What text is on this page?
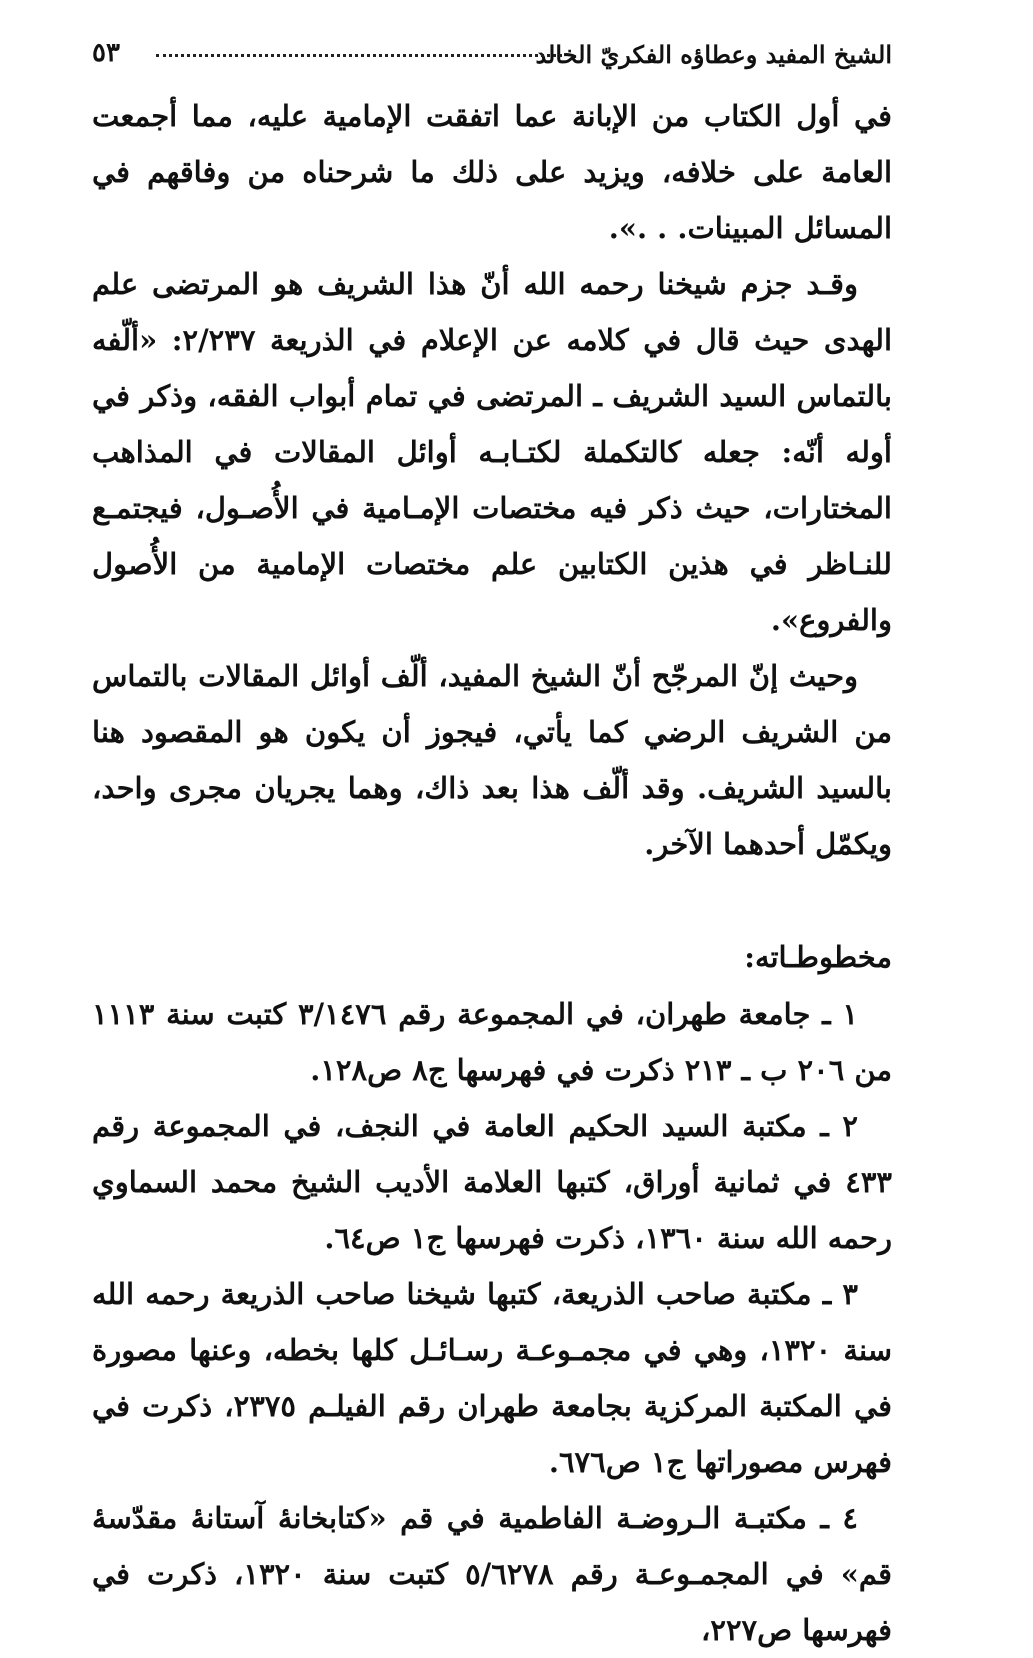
الشيخ المفيد وعطاؤه الفكريّ الخالد
٥٣

في أول الكتاب من الإبانة عما اتفقت الإمامية عليه، مما أجمعت العامة على خلافه، ويزيد على ذلك ما شرحناه من وفاقهم في المسائل المبينات. . .».

وقـد جزم شيخنا رحمه الله أنّ هذا الشريف هو المرتضى علم الهدى حيث قال في كلامه عن الإعلام في الذريعة ٢/٢٣٧: «ألّفه بالتماس السيد الشريف ـ المرتضى في تمام أبواب الفقه، وذكر في أوله أنّه: جعله كالتكملة لكتـابـه أوائل المقالات في المذاهب المختارات، حيث ذكر فيه مختصات الإمـامية في الأُصـول، فيجتمـع للنـاظر في هذين الكتابين علم مختصات الإمامية من الأُصول والفروع».

وحيث إنّ المرجّح أنّ الشيخ المفيد، ألّف أوائل المقالات بالتماس من الشريف الرضي كما يأتي، فيجوز أن يكون هو المقصود هنا بالسيد الشريف. وقد ألّف هذا بعد ذاك، وهما يجريان مجرى واحد، ويكمّل أحدهما الآخر.

مخطوطـاته:

١ ـ جامعة طهران، في المجموعة رقم ٣/١٤٧٦ كتبت سنة ١١١٣ من ٢٠٦ ب ـ ٢١٣ ذكرت في فهرسها ج٨ ص١٢٨.

٢ ـ مكتبة السيد الحكيم العامة في النجف، في المجموعة رقم ٤٣٣ في ثمانية أوراق، كتبها العلامة الأديب الشيخ محمد السماوي رحمه الله سنة ١٣٦٠، ذكرت فهرسها ج١ ص٦٤.

٣ ـ مكتبة صاحب الذريعة، كتبها شيخنا صاحب الذريعة رحمه الله سنة ١٣٢٠، وهي في مجمـوعـة رسـائـل كلها بخطه، وعنها مصورة في المكتبة المركزية بجامعة طهران رقم الفيلـم ٢٣٧٥، ذكرت في فهرس مصوراتها ج١ ص٦٧٦.

٤ ـ مكتبـة الـروضـة الفاطمية في قم «كتابخانهٔ آستانهٔ مقدّسهٔ قم» في المجمـوعـة رقم ٥/٦٢٧٨ كتبت سنة ١٣٢٠، ذكرت في فهرسها ص٢٢٧،
